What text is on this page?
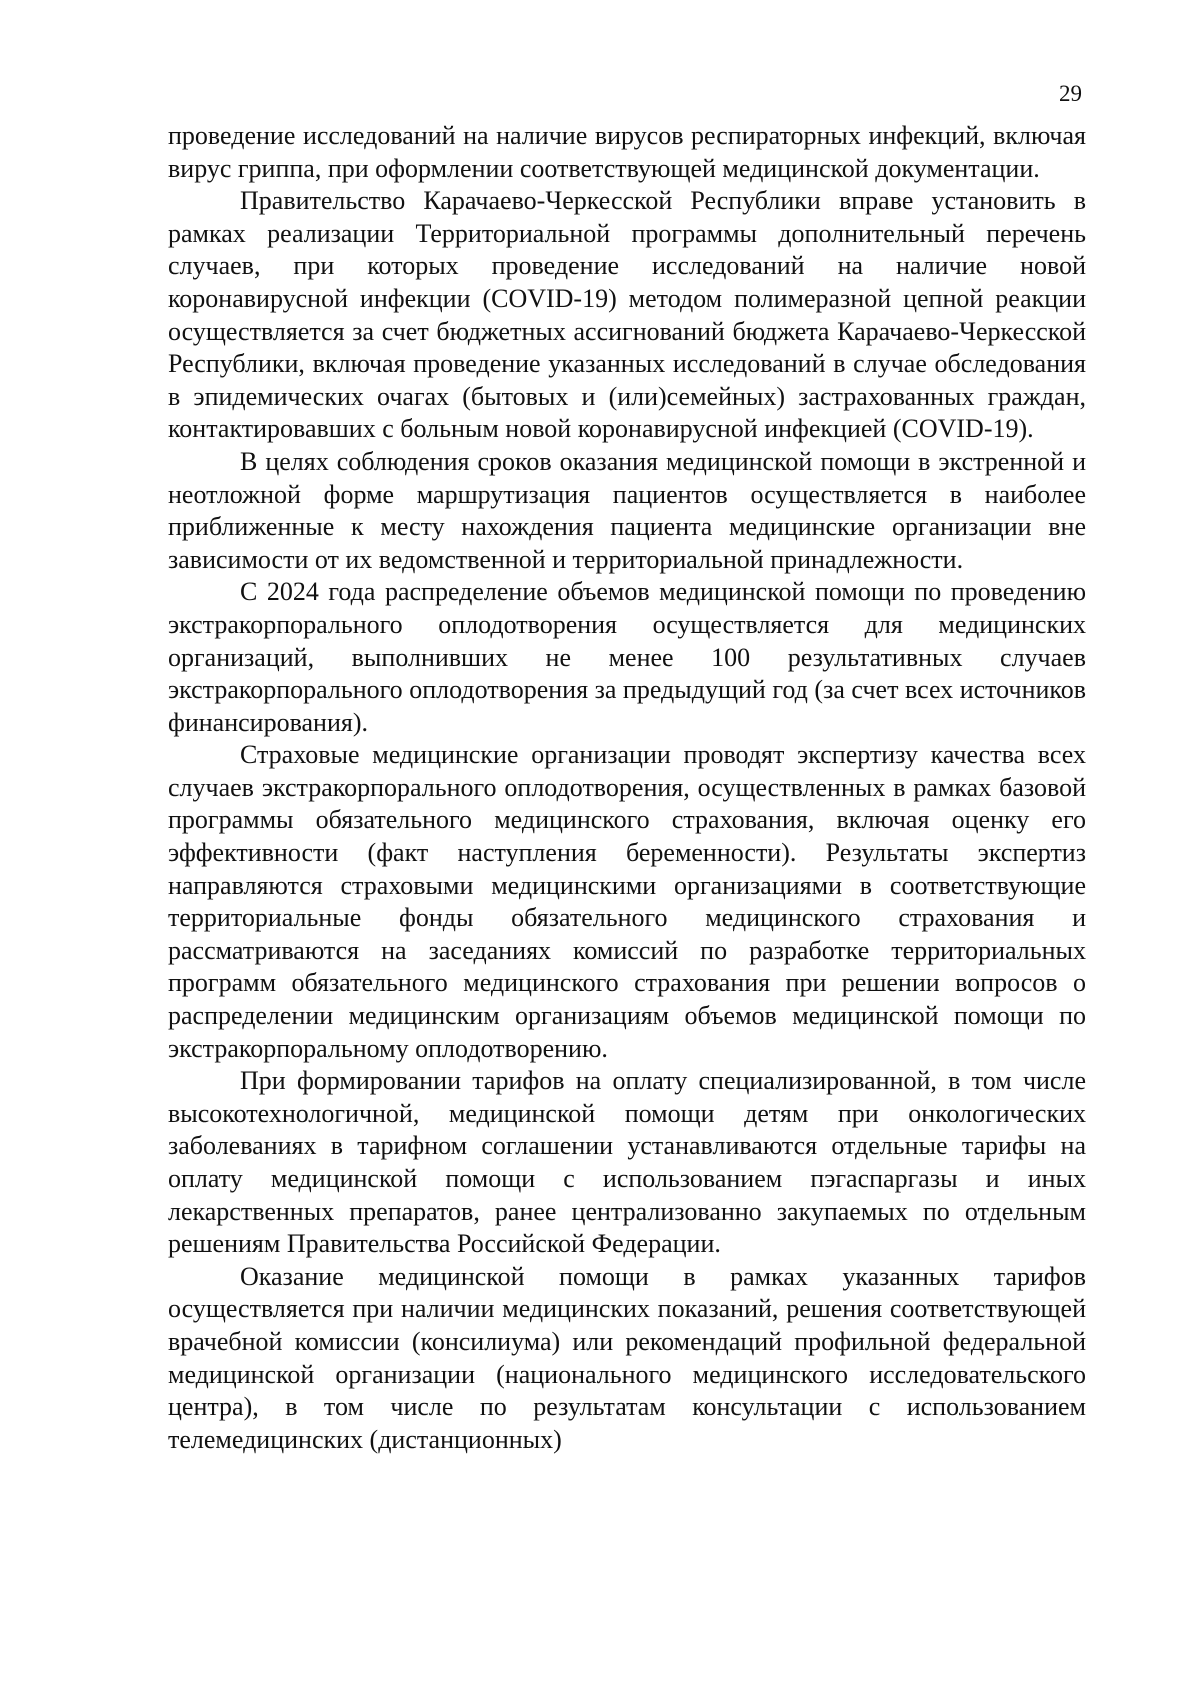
29

проведение исследований на наличие вирусов респираторных инфекций, включая вирус гриппа, при оформлении соответствующей медицинской документации.

Правительство Карачаево-Черкесской Республики вправе установить в рамках реализации Территориальной программы дополнительный перечень случаев, при которых проведение исследований на наличие новой коронавирусной инфекции (COVID-19) методом полимеразной цепной реакции осуществляется за счет бюджетных ассигнований бюджета Карачаево-Черкесской Республики, включая проведение указанных исследований в случае обследования в эпидемических очагах (бытовых и (или)семейных) застрахованных граждан, контактировавших с больным новой коронавирусной инфекцией (COVID-19).

В целях соблюдения сроков оказания медицинской помощи в экстренной и неотложной форме маршрутизация пациентов осуществляется в наиболее приближенные к месту нахождения пациента медицинские организации вне зависимости от их ведомственной и территориальной принадлежности.

С 2024 года распределение объемов медицинской помощи по проведению экстракорпорального оплодотворения осуществляется для медицинских организаций, выполнивших не менее 100 результативных случаев экстракорпорального оплодотворения за предыдущий год (за счет всех источников финансирования).

Страховые медицинские организации проводят экспертизу качества всех случаев экстракорпорального оплодотворения, осуществленных в рамках базовой программы обязательного медицинского страхования, включая оценку его эффективности (факт наступления беременности). Результаты экспертиз направляются страховыми медицинскими организациями в соответствующие территориальные фонды обязательного медицинского страхования и рассматриваются на заседаниях комиссий по разработке территориальных программ обязательного медицинского страхования при решении вопросов о распределении медицинским организациям объемов медицинской помощи по экстракорпоральному оплодотворению.

При формировании тарифов на оплату специализированной, в том числе высокотехнологичной, медицинской помощи детям при онкологических заболеваниях в тарифном соглашении устанавливаются отдельные тарифы на оплату медицинской помощи с использованием пэгаспаргазы и иных лекарственных препаратов, ранее централизованно закупаемых по отдельным решениям Правительства Российской Федерации.

Оказание медицинской помощи в рамках указанных тарифов осуществляется при наличии медицинских показаний, решения соответствующей врачебной комиссии (консилиума) или рекомендаций профильной федеральной медицинской организации (национального медицинского исследовательского центра), в том числе по результатам консультации с использованием телемедицинских (дистанционных)
